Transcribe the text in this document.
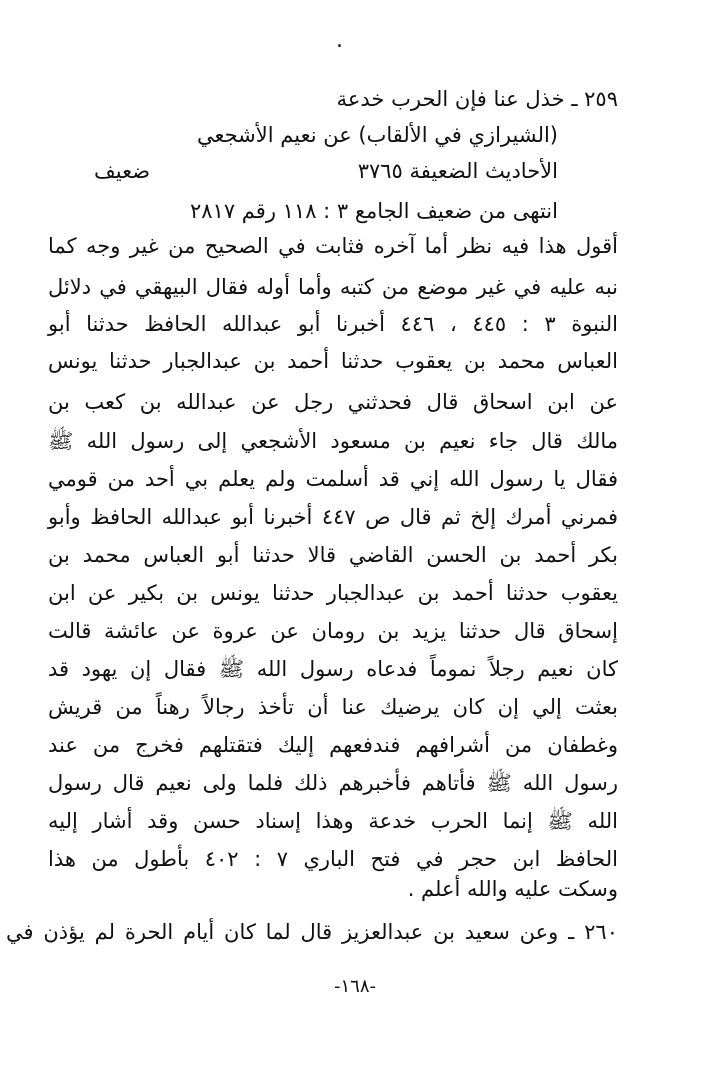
.
٢٥٩ ـ خذل عنا فإن الحرب خدعة
(الشيرازي في الألقاب) عن نعيم الأشجعي
ضعيف	الأحاديث الضعيفة ٣٧٦٥
انتهى من ضعيف الجامع ٣ : ١١٨ رقم ٢٨١٧
أقول هذا فيه نظر أما آخره فثابت في الصحيح من غير وجه كما
نبه عليه في غير موضع من كتبه وأما أوله فقال البيهقي في دلائل
النبوة ٣ : ٤٤٥ ، ٤٤٦ أخبرنا أبو عبدالله الحافظ حدثنا أبو
العباس محمد بن يعقوب حدثنا أحمد بن عبدالجبار حدثنا يونس
عن ابن اسحاق قال فحدثني رجل عن عبدالله بن كعب بن
مالك قال جاء نعيم بن مسعود الأشجعي إلى رسول الله ﷺ
فقال يا رسول الله إني قد أسلمت ولم يعلم بي أحد من قومي
فمرني أمرك إلخ ثم قال ص ٤٤٧ أخبرنا أبو عبدالله الحافظ وأبو
بكر أحمد بن الحسن القاضي قالا حدثنا أبو العباس محمد بن
يعقوب حدثنا أحمد بن عبدالجبار حدثنا يونس بن بكير عن ابن
إسحاق قال حدثنا يزيد بن رومان عن عروة عن عائشة قالت
كان نعيم رجلاً نموماً فدعاه رسول الله ﷺ فقال إن يهود قد
بعثت إلي إن كان يرضيك عنا أن تأخذ رجالاً رهناً من قريش
وغطفان من أشرافهم فندفعهم إليك فتقتلهم فخرج من عند
رسول الله ﷺ فأتاهم فأخبرهم ذلك فلما ولى نعيم قال رسول
الله ﷺ إنما الحرب خدعة وهذا إسناد حسن وقد أشار إليه
الحافظ ابن حجر في فتح الباري ٧ : ٤٠٢ بأطول من هذا
وسكت عليه والله أعلم .
٢٦٠ ـ وعن سعيد بن عبدالعزيز قال لما كان أيام الحرة لم يؤذن في
-١٦٨-
